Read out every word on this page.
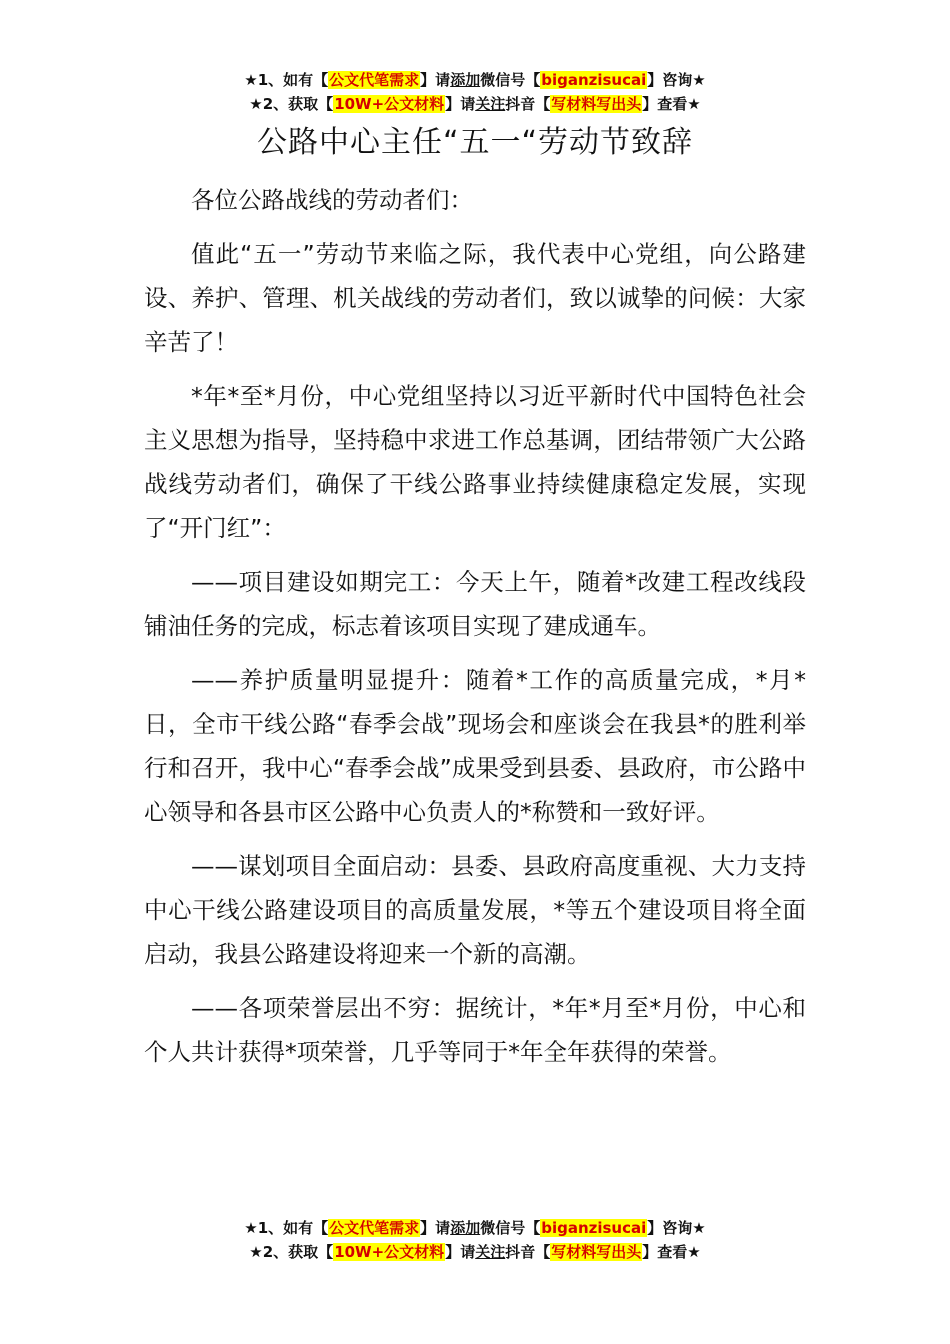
★1、如有【公文代笔需求】请添加微信号【biganzisucai】咨询★
★2、获取【10W+公文材料】请关注抖音【写材料写出头】查看★
公路中心主任“五一“劳动节致辞

各位公路战线的劳动者们：

值此“五一”劳动节来临之际，我代表中心党组，向公路建设、养护、管理、机关战线的劳动者们，致以诚挚的问候：大家辛苦了！

*年*至*月份，中心党组坚持以习近平新时代中国特色社会主义思想为指导，坚持稳中求进工作总基调，团结带领广大公路战线劳动者们，确保了干线公路事业持续健康稳定发展，实现了“开门红”：

——项目建设如期完工：今天上午，随着*改建工程改线段铺油任务的完成，标志着该项目实现了建成通车。

——养护质量明显提升：随着*工作的高质量完成，*月*日，全市干线公路“春季会战”现场会和座谈会在我县*的胜利举行和召开，我中心“春季会战”成果受到县委、县政府，市公路中心领导和各县市区公路中心负责人的*称赞和一致好评。

——谋划项目全面启动：县委、县政府高度重视、大力支持中心干线公路建设项目的高质量发展，*等五个建设项目将全面启动，我县公路建设将迎来一个新的高潮。

——各项荣誉层出不穷：据统计，*年*月至*月份，中心和个人共计获得*项荣誉，几乎等同于*年全年获得的荣誉。

★1、如有【公文代笔需求】请添加微信号【biganzisucai】咨询★
★2、获取【10W+公文材料】请关注抖音【写材料写出头】查看★
